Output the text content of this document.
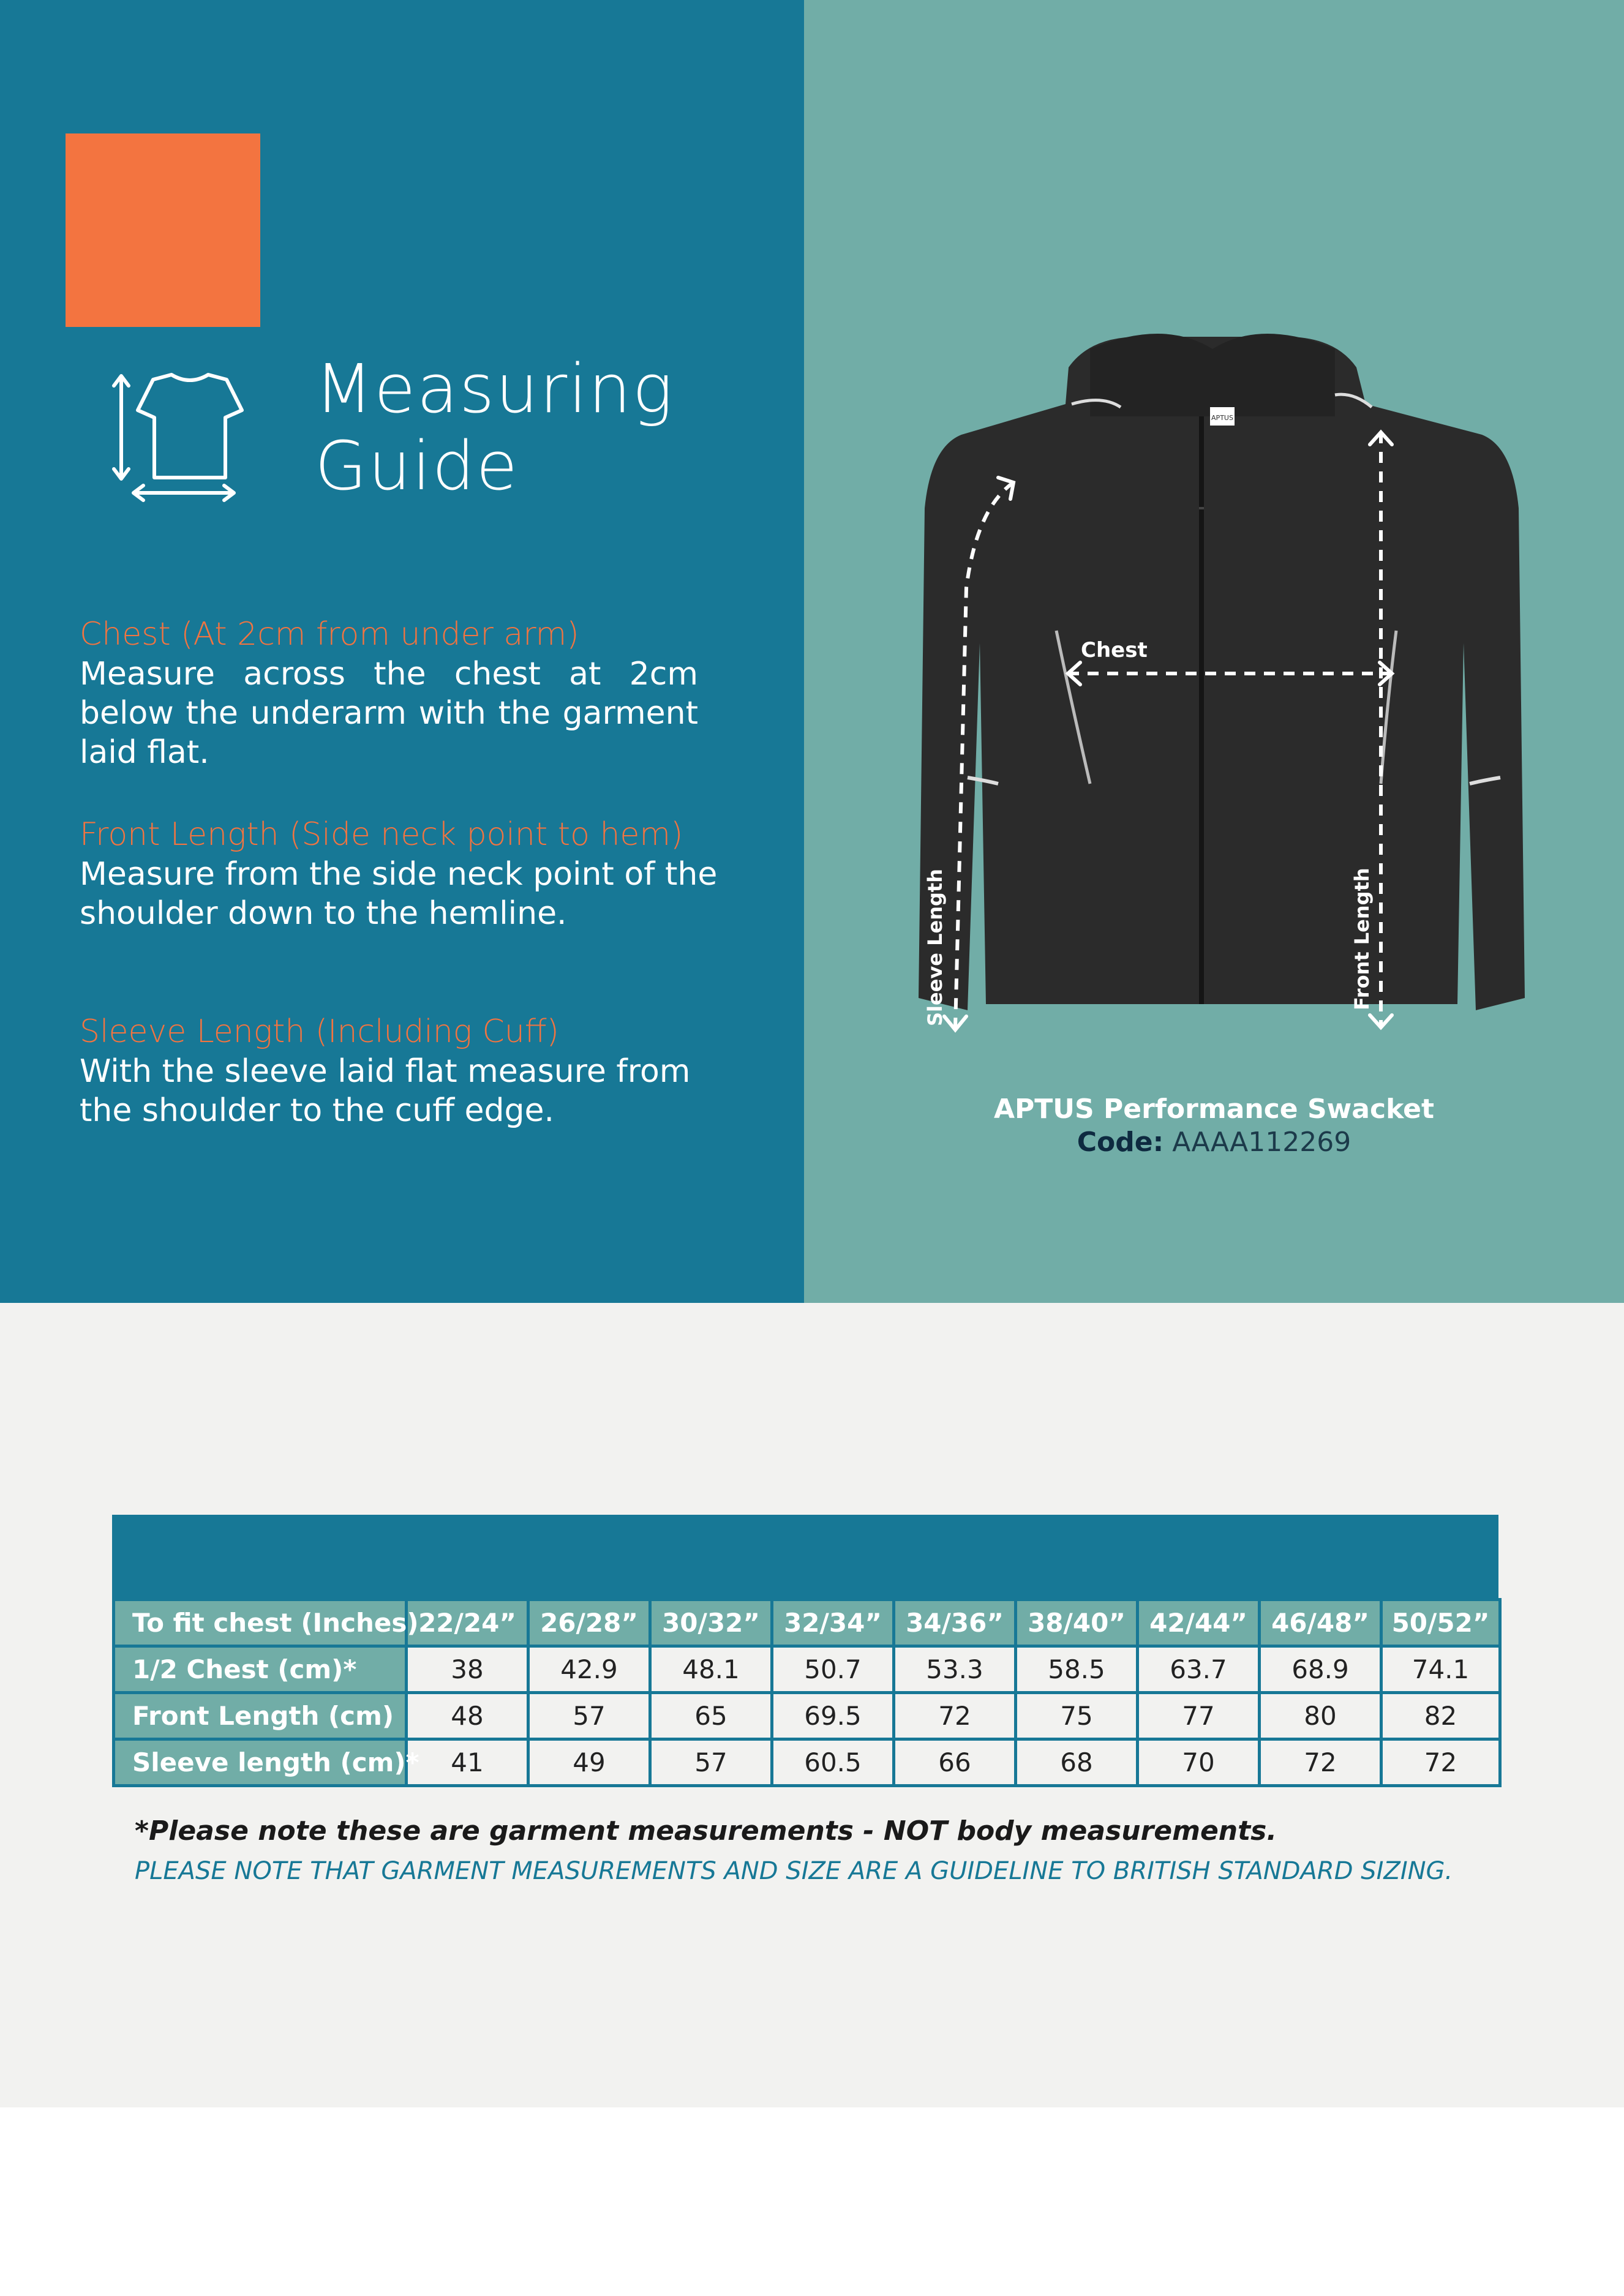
Measuring
Guide
Chest (At 2cm from under arm)
Measure across the chest at 2cm below the underarm with the garment laid flat.
Front Length (Side neck point to hem)
Measure from the side neck point of the shoulder down to the hemline.
Sleeve Length (Including Cuff)
With the sleeve laid flat measure from the shoulder to the cuff edge.
APTUS
Chest
Sleeve Length	Front Length
APTUS Performance Swacket
Code: AAAA112269
To fit chest (Inches)	22/24”	26/28”	30/32”	32/34”	34/36”	38/40”	42/44”	46/48”	50/52”
1/2 Chest (cm)*	38	42.9	48.1	50.7	53.3	58.5	63.7	68.9	74.1
Front Length (cm)	48	57	65	69.5	72	75	77	80	82
Sleeve length (cm)*	41	49	57	60.5	66	68	70	72	72
*Please note these are garment measurements - NOT body measurements.
PLEASE NOTE THAT GARMENT MEASUREMENTS AND SIZE ARE A GUIDELINE TO BRITISH STANDARD SIZING.
